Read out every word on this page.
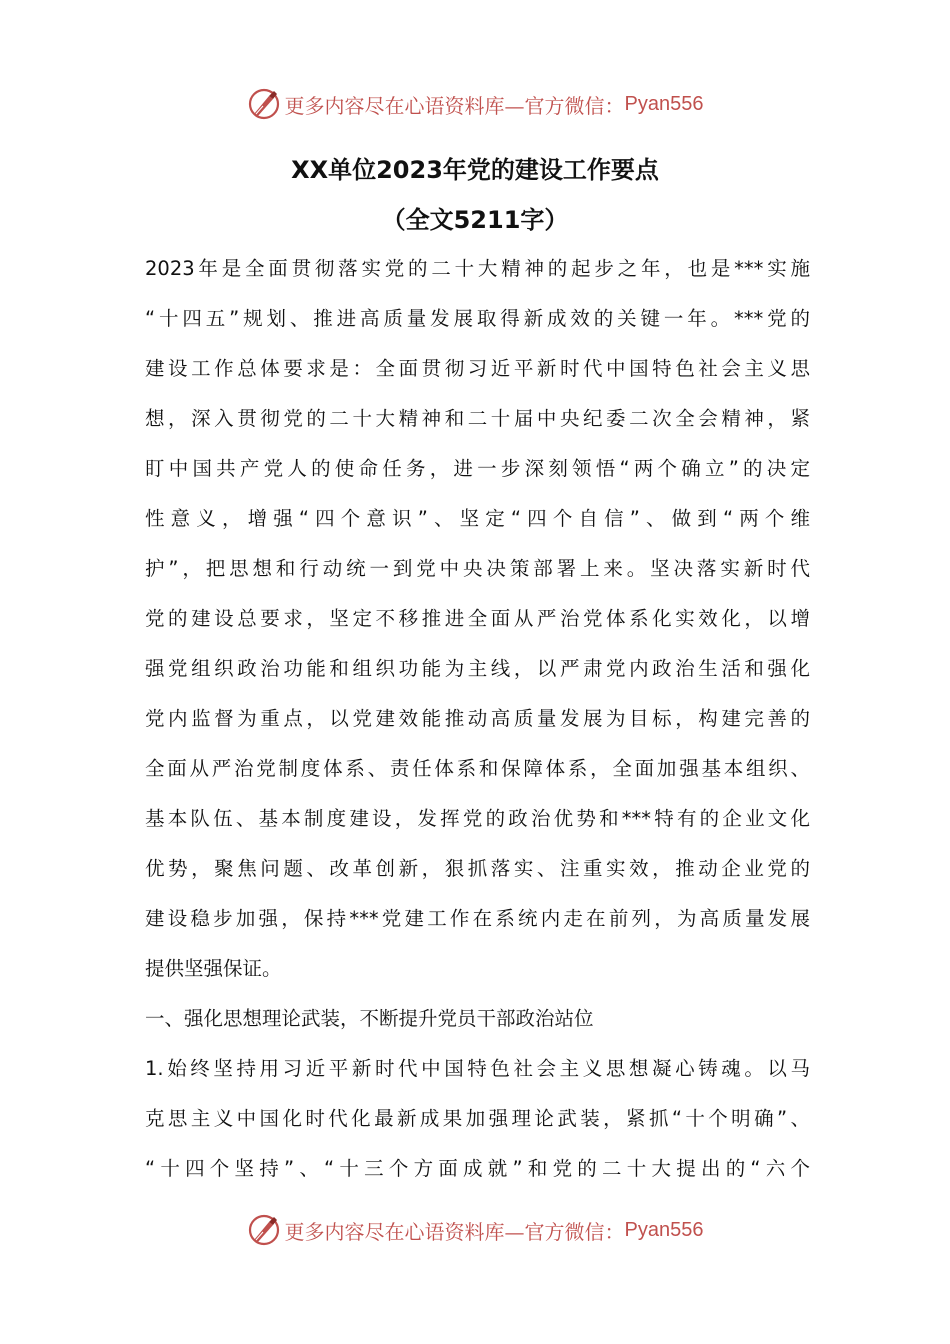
更多内容尽在心语资料库—官方微信： Pyan556
XX单位2023年党的建设工作要点
（全文5211字）
2023年是全面贯彻落实党的二十大精神的起步之年，也是***实施
“十四五”规划、推进高质量发展取得新成效的关键一年。***党的
建设工作总体要求是：全面贯彻习近平新时代中国特色社会主义思
想，深入贯彻党的二十大精神和二十届中央纪委二次全会精神，紧
盯中国共产党人的使命任务，进一步深刻领悟“两个确立”的决定
性意义，增强“四个意识”、坚定“四个自信”、做到“两个维
护”，把思想和行动统一到党中央决策部署上来。坚决落实新时代
党的建设总要求，坚定不移推进全面从严治党体系化实效化，以增
强党组织政治功能和组织功能为主线，以严肃党内政治生活和强化
党内监督为重点，以党建效能推动高质量发展为目标，构建完善的
全面从严治党制度体系、责任体系和保障体系，全面加强基本组织、
基本队伍、基本制度建设，发挥党的政治优势和***特有的企业文化
优势，聚焦问题、改革创新，狠抓落实、注重实效，推动企业党的
建设稳步加强，保持***党建工作在系统内走在前列，为高质量发展
提供坚强保证。
一、强化思想理论武装，不断提升党员干部政治站位
1.始终坚持用习近平新时代中国特色社会主义思想凝心铸魂。以马
克思主义中国化时代化最新成果加强理论武装，紧抓“十个明确”、
“十四个坚持”、“十三个方面成就”和党的二十大提出的“六个
更多内容尽在心语资料库—官方微信： Pyan556
